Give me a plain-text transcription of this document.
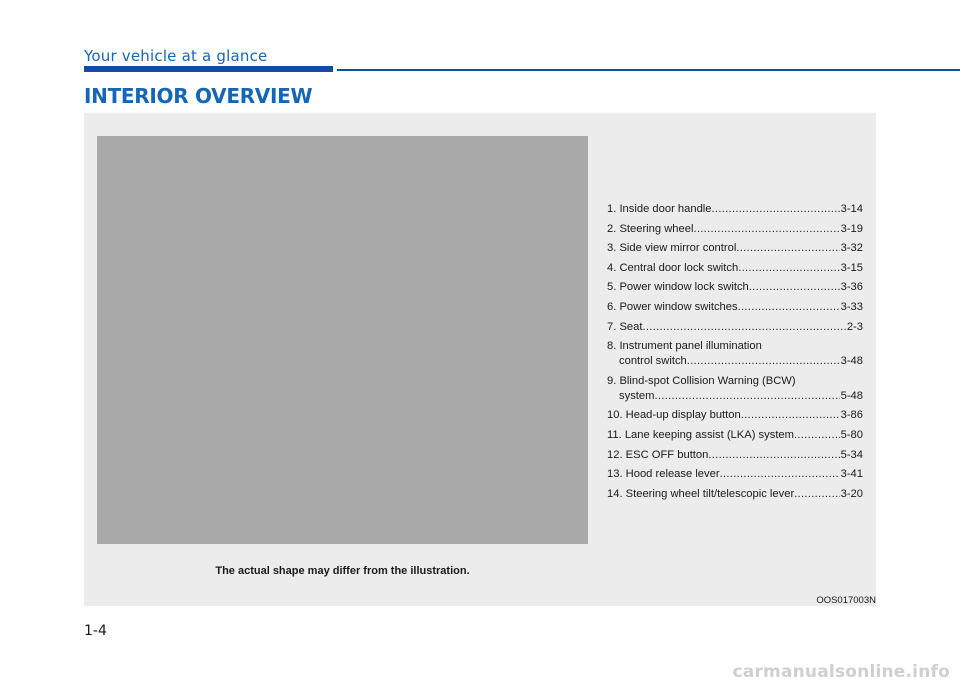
Your vehicle at a glance
INTERIOR OVERVIEW
The actual shape may differ from the illustration.
1. Inside door handle .....	3-14
2. Steering wheel .....	3-19
3. Side view mirror control .....	3-32
4. Central door lock switch .....	3-15
5. Power window lock switch .....	3-36
6. Power window switches .....	3-33
7. Seat .....	2-3
8. Instrument panel illumination
control switch .....	3-48
9. Blind-spot Collision Warning (BCW)
system .....	5-48
10. Head-up display button .....	3-86
11. Lane keeping assist (LKA) system .....	5-80
12. ESC OFF button .....	5-34
13. Hood release lever .....	3-41
14. Steering wheel tilt/telescopic lever .....	3-20
OOS017003N
1-4
carmanualsonline.info
